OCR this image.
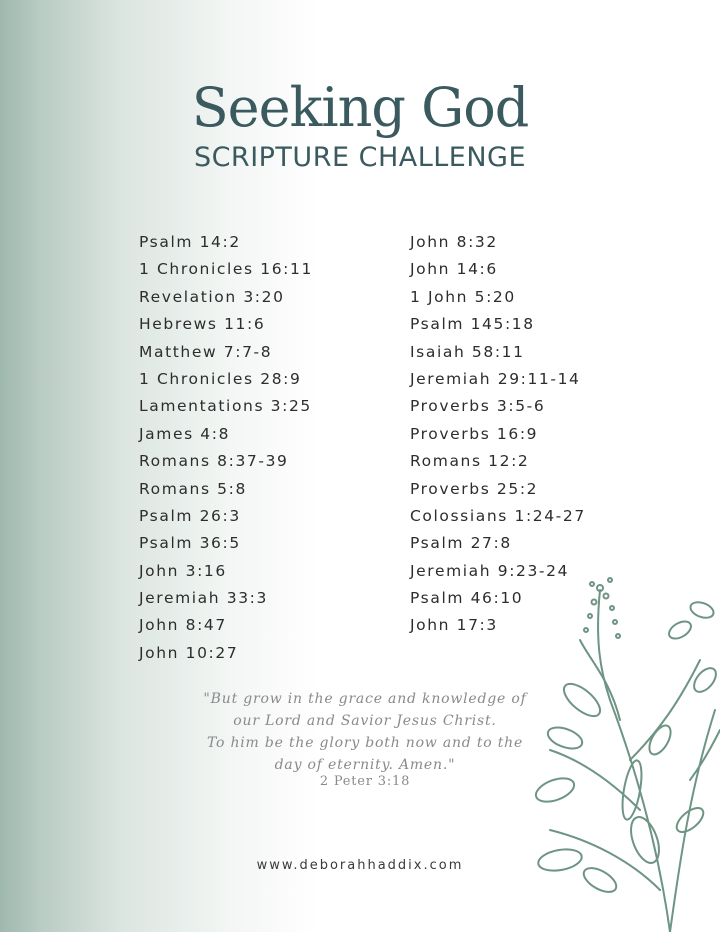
Seeking God
SCRIPTURE CHALLENGE
Psalm 14:2
1 Chronicles 16:11
Revelation 3:20
Hebrews 11:6
Matthew 7:7-8
1 Chronicles 28:9
Lamentations 3:25
James 4:8
Romans 8:37-39
Romans 5:8
Psalm 26:3
Psalm 36:5
John 3:16
Jeremiah 33:3
John 8:47
John 10:27
John 8:32
John 14:6
1 John 5:20
Psalm 145:18
Isaiah 58:11
Jeremiah 29:11-14
Proverbs 3:5-6
Proverbs 16:9
Romans 12:2
Proverbs 25:2
Colossians 1:24-27
Psalm 27:8
Jeremiah 9:23-24
Psalm 46:10
John 17:3
"But grow in the grace and knowledge of
our Lord and Savior Jesus Christ.
To him be the glory both now and to the
day of eternity. Amen."
2 Peter 3:18
www.deborahhaddix.com
